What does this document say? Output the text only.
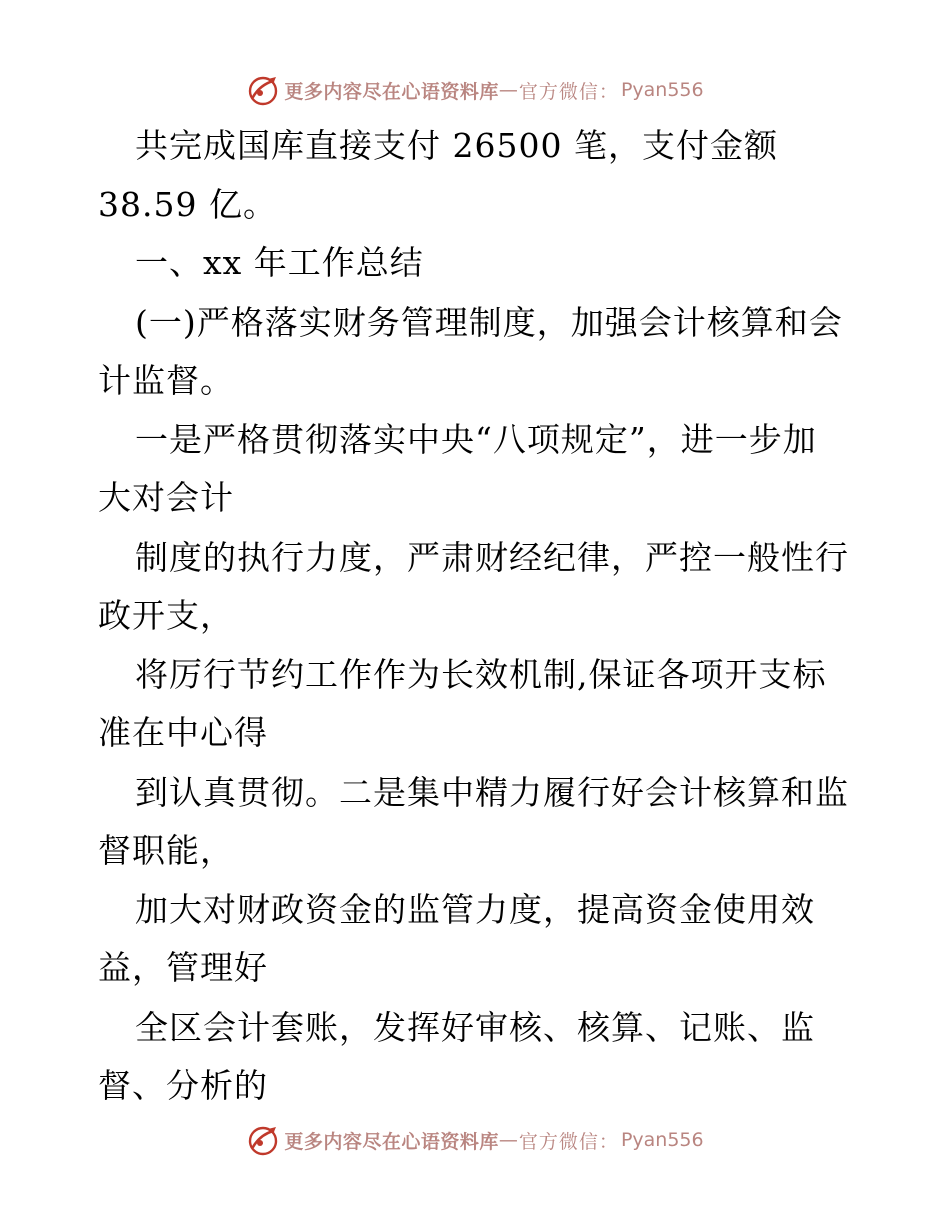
更多内容尽在心语资料库 — 官方微信： Pyan556
共完成国库直接支付 26500 笔，支付金额
38.59 亿。
一、xx 年工作总结
(一)严格落实财务管理制度，加强会计核算和会
计监督。
一是严格贯彻落实中央“八项规定”，进一步加
大对会计
制度的执行力度，严肃财经纪律，严控一般性行
政开支，
将厉行节约工作作为长效机制,保证各项开支标
准在中心得
到认真贯彻。二是集中精力履行好会计核算和监
督职能，
加大对财政资金的监管力度，提高资金使用效
益，管理好
全区会计套账，发挥好审核、核算、记账、监
督、分析的
更多内容尽在心语资料库 — 官方微信： Pyan556
